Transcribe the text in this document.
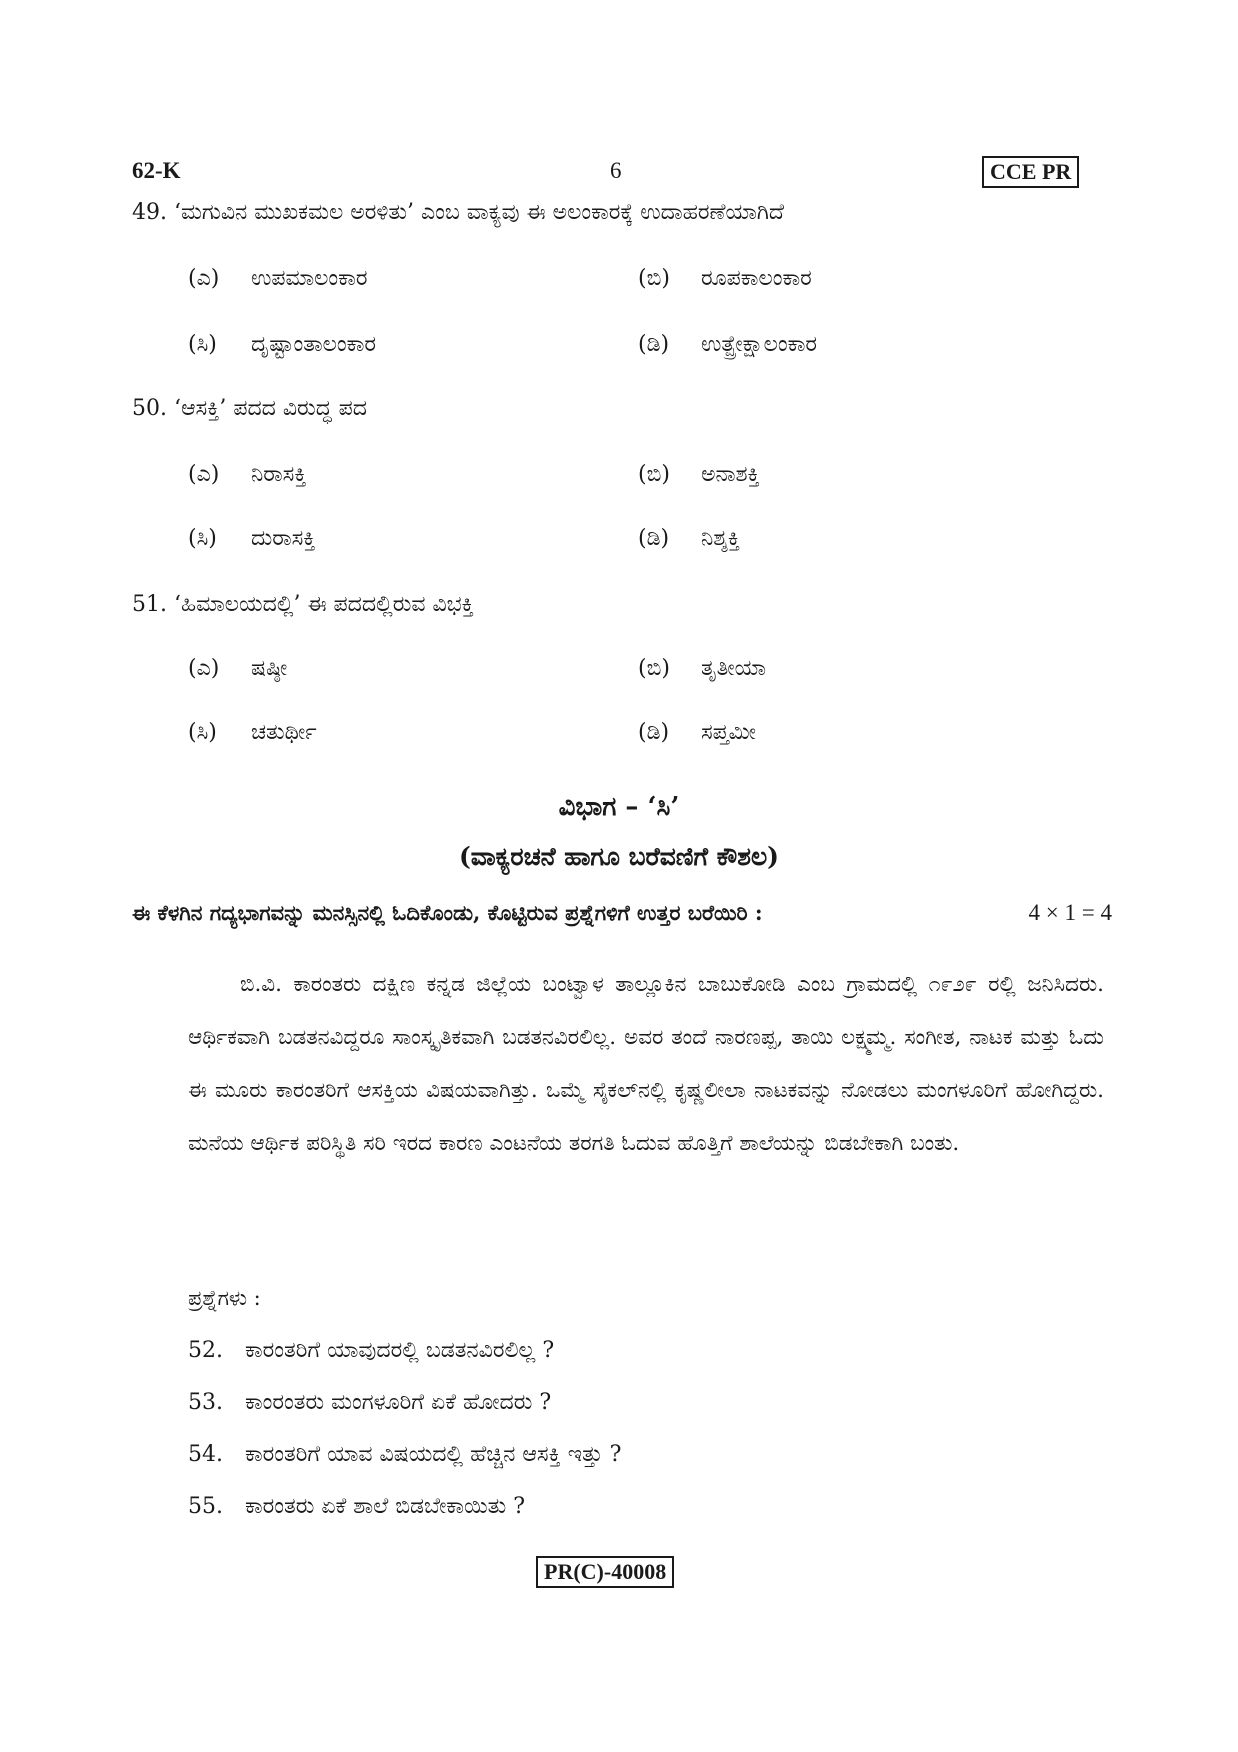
62-K	6	CCE PR
49. ‘ಮಗುವಿನ ಮುಖಕಮಲ ಅರಳಿತು’ ಎಂಬ ವಾಕ್ಯವು ಈ ಅಲಂಕಾರಕ್ಕೆ ಉದಾಹರಣೆಯಾಗಿದೆ
(ಎ) ಉಪಮಾಲಂಕಾರ	(ಬಿ) ರೂಪಕಾಲಂಕಾರ
(ಸಿ) ದೃಷ್ಟಾಂತಾಲಂಕಾರ	(ಡಿ) ಉತ್ಪ್ರೇಕ್ಷಾಲಂಕಾರ
50. ‘ಆಸಕ್ತಿ’ ಪದದ ವಿರುದ್ಧ ಪದ
(ಎ) ನಿರಾಸಕ್ತಿ	(ಬಿ) ಅನಾಶಕ್ತಿ
(ಸಿ) ದುರಾಸಕ್ತಿ	(ಡಿ) ನಿಶ್ಶಕ್ತಿ
51. ‘ಹಿಮಾಲಯದಲ್ಲಿ’ ಈ ಪದದಲ್ಲಿರುವ ವಿಭಕ್ತಿ
(ಎ) ಷಷ್ಠೀ	(ಬಿ) ತೃತೀಯಾ
(ಸಿ) ಚತುರ್ಥೀ	(ಡಿ) ಸಪ್ತಮೀ
ವಿಭಾಗ – ‘ಸಿ’
(ವಾಕ್ಯರಚನೆ ಹಾಗೂ ಬರೆವಣಿಗೆ ಕೌಶಲ)
ಈ ಕೆಳಗಿನ ಗದ್ಯಭಾಗವನ್ನು ಮನಸ್ಸಿನಲ್ಲಿ ಓದಿಕೊಂಡು, ಕೊಟ್ಟಿರುವ ಪ್ರಶ್ನೆಗಳಿಗೆ ಉತ್ತರ ಬರೆಯಿರಿ :	4 × 1 = 4
ಬಿ.ವಿ. ಕಾರಂತರು ದಕ್ಷಿಣ ಕನ್ನಡ ಜಿಲ್ಲೆಯ ಬಂಟ್ವಾಳ ತಾಲ್ಲೂಕಿನ ಬಾಬುಕೋಡಿ ಎಂಬ ಗ್ರಾಮದಲ್ಲಿ ೧೯೨೯ ರಲ್ಲಿ ಜನಿಸಿದರು. ಆರ್ಥಿಕವಾಗಿ ಬಡತನವಿದ್ದರೂ ಸಾಂಸ್ಕೃತಿಕವಾಗಿ ಬಡತನವಿರಲಿಲ್ಲ. ಅವರ ತಂದೆ ನಾರಣಪ್ಪ, ತಾಯಿ ಲಕ್ಷ್ಮಮ್ಮ. ಸಂಗೀತ, ನಾಟಕ ಮತ್ತು ಓದು ಈ ಮೂರು ಕಾರಂತರಿಗೆ ಆಸಕ್ತಿಯ ವಿಷಯವಾಗಿತ್ತು. ಒಮ್ಮೆ ಸೈಕಲ್‌ನಲ್ಲಿ ಕೃಷ್ಣಲೀಲಾ ನಾಟಕವನ್ನು ನೋಡಲು ಮಂಗಳೂರಿಗೆ ಹೋಗಿದ್ದರು. ಮನೆಯ ಆರ್ಥಿಕ ಪರಿಸ್ಥಿತಿ ಸರಿ ಇರದ ಕಾರಣ ಎಂಟನೆಯ ತರಗತಿ ಓದುವ ಹೊತ್ತಿಗೆ ಶಾಲೆಯನ್ನು ಬಿಡಬೇಕಾಗಿ ಬಂತು.
ಪ್ರಶ್ನೆಗಳು :
52. ಕಾರಂತರಿಗೆ ಯಾವುದರಲ್ಲಿ ಬಡತನವಿರಲಿಲ್ಲ ?
53. ಕಾಂರಂತರು ಮಂಗಳೂರಿಗೆ ಏಕೆ ಹೋದರು ?
54. ಕಾರಂತರಿಗೆ ಯಾವ ವಿಷಯದಲ್ಲಿ ಹೆಚ್ಚಿನ ಆಸಕ್ತಿ ಇತ್ತು ?
55. ಕಾರಂತರು ಏಕೆ ಶಾಲೆ ಬಿಡಬೇಕಾಯಿತು ?
PR(C)-40008
